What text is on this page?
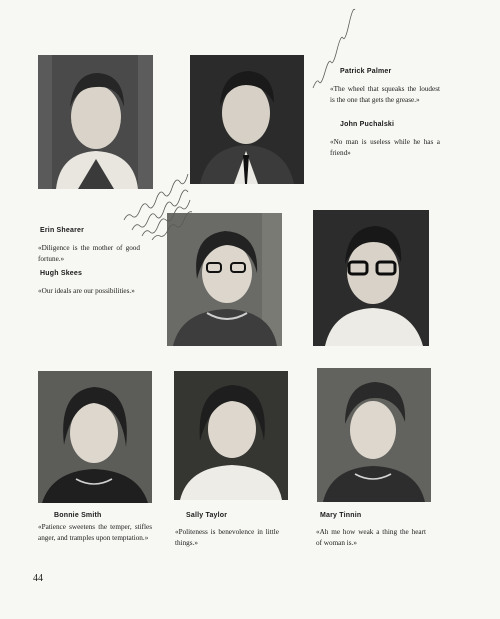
Patrick Palmer
«The wheel that squeaks the loudest is the one that gets the grease.»
John Puchalski
«No man is useless while he has a friend»
Erin Shearer
«Diligence is the mother of good fortune.»
Hugh Skees
«Our ideals are our possibilities.»
Bonnie Smith
«Patience sweetens the temper, stifles anger, and tramples upon temptation.»
Sally Taylor
«Politeness is benevolence in little things.»
Mary Tinnin
«Ah me how weak a thing the heart of woman is.»
44
